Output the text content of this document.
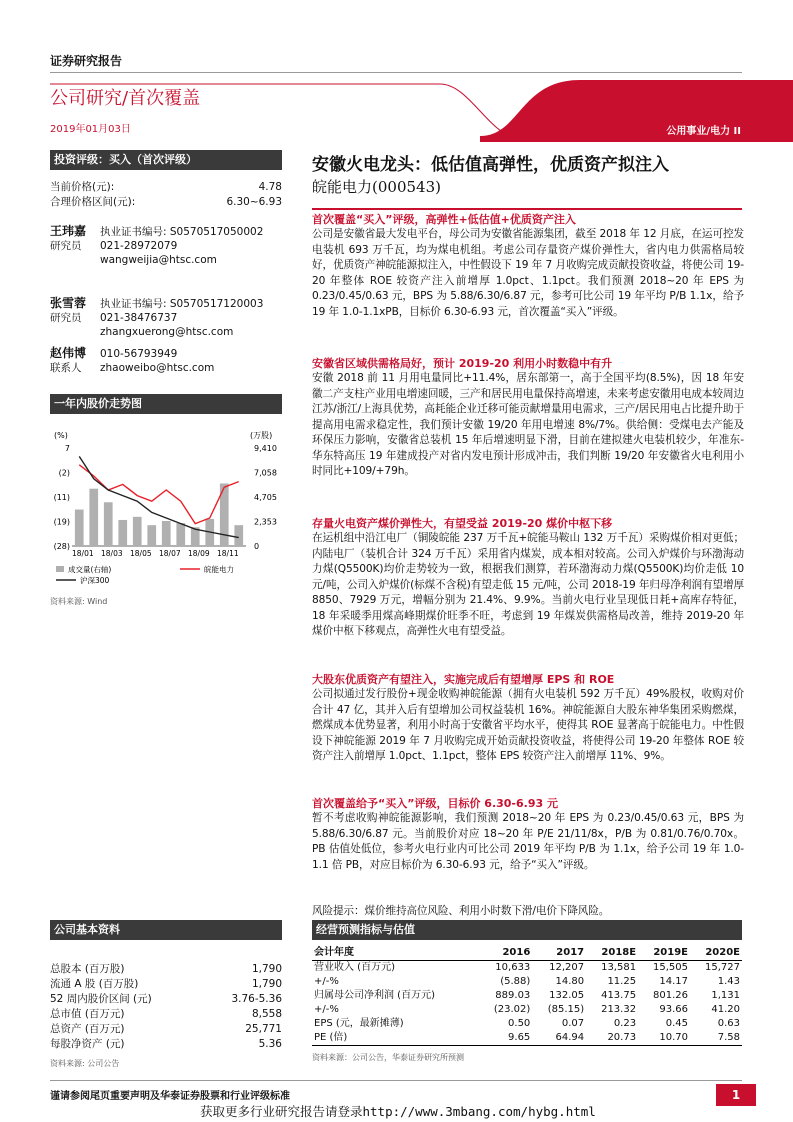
证券研究报告
公司研究/首次覆盖
2019年01月03日	公用事业/电力 II
投资评级：买入（首次评级）
当前价格(元):	4.78
合理价格区间(元):	6.30~6.93
王玮嘉 执业证书编号: S0570517050002
研究员 021-28972079
wangweijia@htsc.com
张雪蓉 执业证书编号: S0570517120003
研究员 021-38476737
zhangxuerong@htsc.com
赵伟博 010-56793949
联系人 zhaoweibo@htsc.com
一年内股价走势图
(%)	(万股)
7
(2)
(11)
(19)
(28)
9,410
7,058
4,705
2,353
0
18/01 18/03 18/05 18/07 18/09 18/11
成交量(右轴)	皖能电力
沪深300
资料来源: Wind
公司基本资料
总股本 (百万股)	1,790
流通 A 股 (百万股)	1,790
52 周内股价区间 (元)	3.76-5.36
总市值 (百万元)	8,558
总资产 (百万元)	25,771
每股净资产 (元)	5.36
资料来源: 公司公告
安徽火电龙头：低估值高弹性，优质资产拟注入
皖能电力(000543)
首次覆盖“买入”评级，高弹性+低估值+优质资产注入
公司是安徽省最大发电平台，母公司为安徽省能源集团，截至 2018 年 12 月底，在运可控发电装机 693 万千瓦，均为煤电机组。考虑公司存量资产煤价弹性大，省内电力供需格局较好，优质资产神皖能源拟注入，中性假设下 19 年 7 月收购完成贡献投资收益，将使公司 19-20 年整体 ROE 较资产注入前增厚 1.0pct、1.1pct。我们预测 2018~20 年 EPS 为 0.23/0.45/0.63 元，BPS 为 5.88/6.30/6.87 元，参考可比公司 19 年平均 P/B 1.1x，给予 19 年 1.0-1.1xPB，目标价 6.30-6.93 元，首次覆盖“买入”评级。
安徽省区域供需格局好，预计 2019-20 利用小时数稳中有升
安徽 2018 前 11 月用电量同比+11.4%，居东部第一，高于全国平均(8.5%)，因 18 年安徽二产支柱产业用电增速回暖，三产和居民用电量保持高增速，未来考虑安徽用电成本较周边江苏/浙江/上海具优势，高耗能企业迁移可能贡献增量用电需求，三产/居民用电占比提升助于提高用电需求稳定性，我们预计安徽 19/20 年用电增速 8%/7%。供给侧：受煤电去产能及环保压力影响，安徽省总装机 15 年后增速明显下滑，目前在建拟建火电装机较少，年准东-华东特高压 19 年建成投产对省内发电预计形成冲击，我们判断 19/20 年安徽省火电利用小时同比+109/+79h。
存量火电资产煤价弹性大，有望受益 2019-20 煤价中枢下移
在运机组中沿江电厂（铜陵皖能 237 万千瓦+皖能马鞍山 132 万千瓦）采购煤价相对更低；内陆电厂（装机合计 324 万千瓦）采用省内煤炭，成本相对较高。公司入炉煤价与环渤海动力煤(Q5500K)均价走势较为一致，根据我们测算，若环渤海动力煤(Q5500K)均价走低 10 元/吨，公司入炉煤价(标煤不含税)有望走低 15 元/吨，公司 2018-19 年归母净利润有望增厚 8850、7929 万元，增幅分别为 21.4%、9.9%。当前火电行业呈现低日耗+高库存特征，18 年采暖季用煤高峰期煤价旺季不旺，考虑到 19 年煤炭供需格局改善，维持 2019-20 年煤价中枢下移观点，高弹性火电有望受益。
大股东优质资产有望注入，实施完成后有望增厚 EPS 和 ROE
公司拟通过发行股份+现金收购神皖能源（拥有火电装机 592 万千瓦）49%股权，收购对价合计 47 亿，其并入后有望增加公司权益装机 16%。神皖能源自大股东神华集团采购燃煤，燃煤成本优势显著，利用小时高于安徽省平均水平，使得其 ROE 显著高于皖能电力。中性假设下神皖能源 2019 年 7 月收购完成开始贡献投资收益，将使得公司 19-20 年整体 ROE 较资产注入前增厚 1.0pct、1.1pct，整体 EPS 较资产注入前增厚 11%、9%。
首次覆盖给予“买入”评级，目标价 6.30-6.93 元
暂不考虑收购神皖能源影响，我们预测 2018~20 年 EPS 为 0.23/0.45/0.63 元，BPS 为 5.88/6.30/6.87 元。当前股价对应 18~20 年 P/E 21/11/8x，P/B 为 0.81/0.76/0.70x。PB 估值处低位，参考火电行业内可比公司 2019 年平均 P/B 为 1.1x，给予公司 19 年 1.0-1.1 倍 PB，对应目标价为 6.30-6.93 元，给予“买入”评级。
风险提示：煤价维持高位风险、利用小时数下滑/电价下降风险。
经营预测指标与估值
会计年度	2016	2017	2018E	2019E	2020E
营业收入 (百万元)	10,633	12,207	13,581	15,505	15,727
+/-%	(5.88)	14.80	11.25	14.17	1.43
归属母公司净利润 (百万元)	889.03	132.05	413.75	801.26	1,131
+/-%	(23.02)	(85.15)	213.32	93.66	41.20
EPS (元，最新摊薄)	0.50	0.07	0.23	0.45	0.63
PE (倍)	9.65	64.94	20.73	10.70	7.58
资料来源：公司公告，华泰证券研究所预测
谨请参阅尾页重要声明及华泰证券股票和行业评级标准	1
获取更多行业研究报告请登录http://www.3mbang.com/hybg.html
